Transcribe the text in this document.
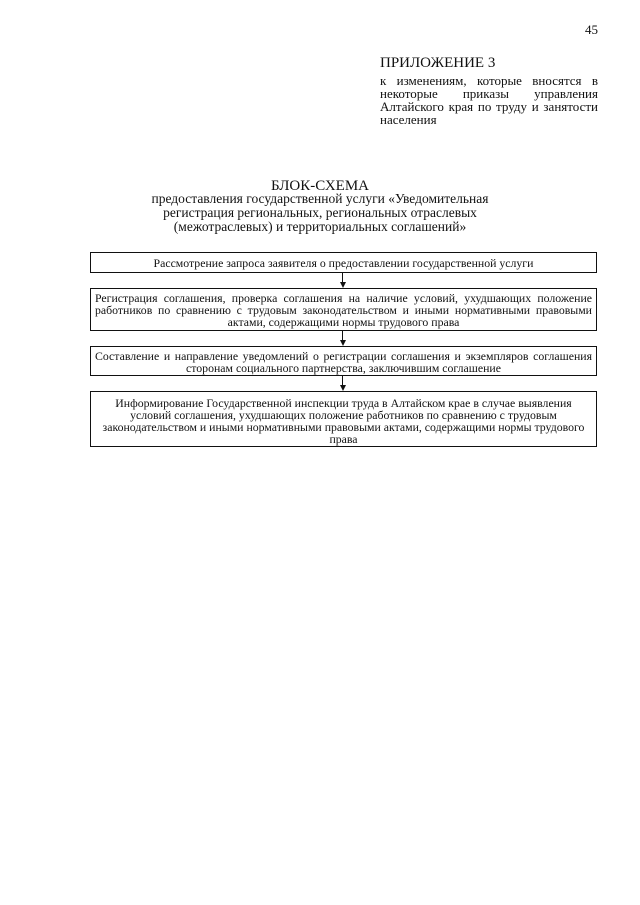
45
ПРИЛОЖЕНИЕ 3
к изменениям, которые вносятся в некоторые приказы управления Алтайского края по труду и занятости населения
БЛОК-СХЕМА
предоставления государственной услуги «Уведомительная регистрация региональных, региональных отраслевых (межотраслевых) и территориальных соглашений»
Рассмотрение запроса заявителя о предоставлении государственной услуги
Регистрация соглашения, проверка соглашения на наличие условий, ухудшающих положение работников по сравнению с трудовым законодательством и иными нормативными правовыми актами, содержащими нормы трудового права
Составление и направление уведомлений о регистрации соглашения и экземпляров соглашения сторонам социального партнерства, заключившим соглашение
Информирование Государственной инспекции труда в Алтайском крае в случае выявления условий соглашения, ухудшающих положение работников по сравнению с трудовым законодательством и иными нормативными правовыми актами, содержащими нормы трудового права
